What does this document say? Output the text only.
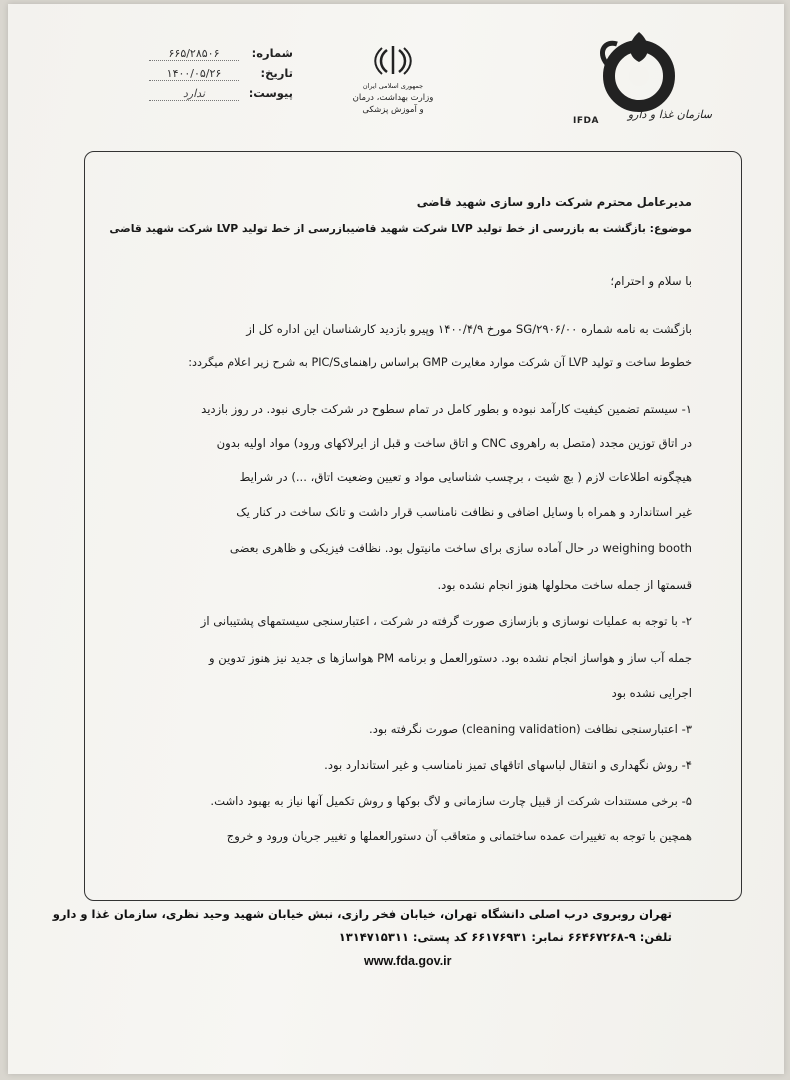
سازمان غذا و دارو
IFDA
جمهوری اسلامی ایران
وزارت بهداشت، درمان
و آموزش پزشکی
شماره:
۶۶۵/۲۸۵۰۶
تاریخ:
۱۴۰۰/۰۵/۲۶
پیوست:
ندارد
مدیرعامل محترم شرکت دارو سازی شهید قاضی
موضوع: بازگشت به بازرسی از خط تولید LVP شرکت شهید قاضیبازرسی از خط تولید LVP شرکت شهید قاضی
با سلام و احترام؛
بازگشت به نامه شماره ۲۹۰۶/۰۰/SG مورخ ۱۴۰۰/۴/۹ وپیرو بازدید کارشناسان این اداره کل از
خطوط ساخت و تولید LVP آن شرکت موارد مغایرت GMP براساس راهنمایPIC/S به شرح زیر اعلام میگردد:
۱- سیستم تضمین کیفیت کارآمد نبوده و بطور کامل در تمام سطوح در شرکت جاری نبود. در روز بازدید
در اتاق توزین مجدد (متصل به راهروی CNC و اتاق ساخت و قبل از ایرلاکهای ورود) مواد اولیه بدون
هیچگونه اطلاعات لازم ( بچ شیت ، برچسب شناسایی مواد و تعیین وضعیت اتاق، ...) در شرایط
غیر استاندارد و همراه با وسایل اضافی و نظافت نامناسب قرار داشت و تانک ساخت در کنار یک
weighing booth در حال آماده سازی برای ساخت مانیتول بود. نظافت فیزیکی و ظاهری بعضی
قسمتها از جمله ساخت محلولها هنوز انجام نشده بود.
۲- با توجه به عملیات نوسازی و بازسازی صورت گرفته در شرکت ، اعتبارسنجی سیستمهای پشتیبانی از
جمله آب ساز و هواساز انجام نشده بود. دستورالعمل و برنامه PM هواسازها ی جدید نیز هنوز تدوین و
اجرایی نشده بود
۳- اعتبارسنجی نظافت (cleaning validation) صورت نگرفته بود.
۴- روش نگهداری و انتقال لباسهای اتاقهای تمیز نامناسب و غیر استاندارد بود.
۵- برخی مستندات شرکت از قبیل چارت سازمانی و لاگ بوکها و روش تکمیل آنها نیاز به بهبود داشت.
همچین با توجه به تغییرات عمده ساختمانی و متعاقب آن دستورالعملها و تغییر جریان ورود و خروج
تهران روبروی درب اصلی دانشگاه تهران، خیابان فخر رازی، نبش خیابان شهید وحید نظری، سازمان غذا و دارو
تلفن: ۹-۶۶۴۶۷۲۶۸ نمابر: ۶۶۱۷۶۹۳۱ کد پستی: ۱۳۱۴۷۱۵۳۱۱
www.fda.gov.ir
